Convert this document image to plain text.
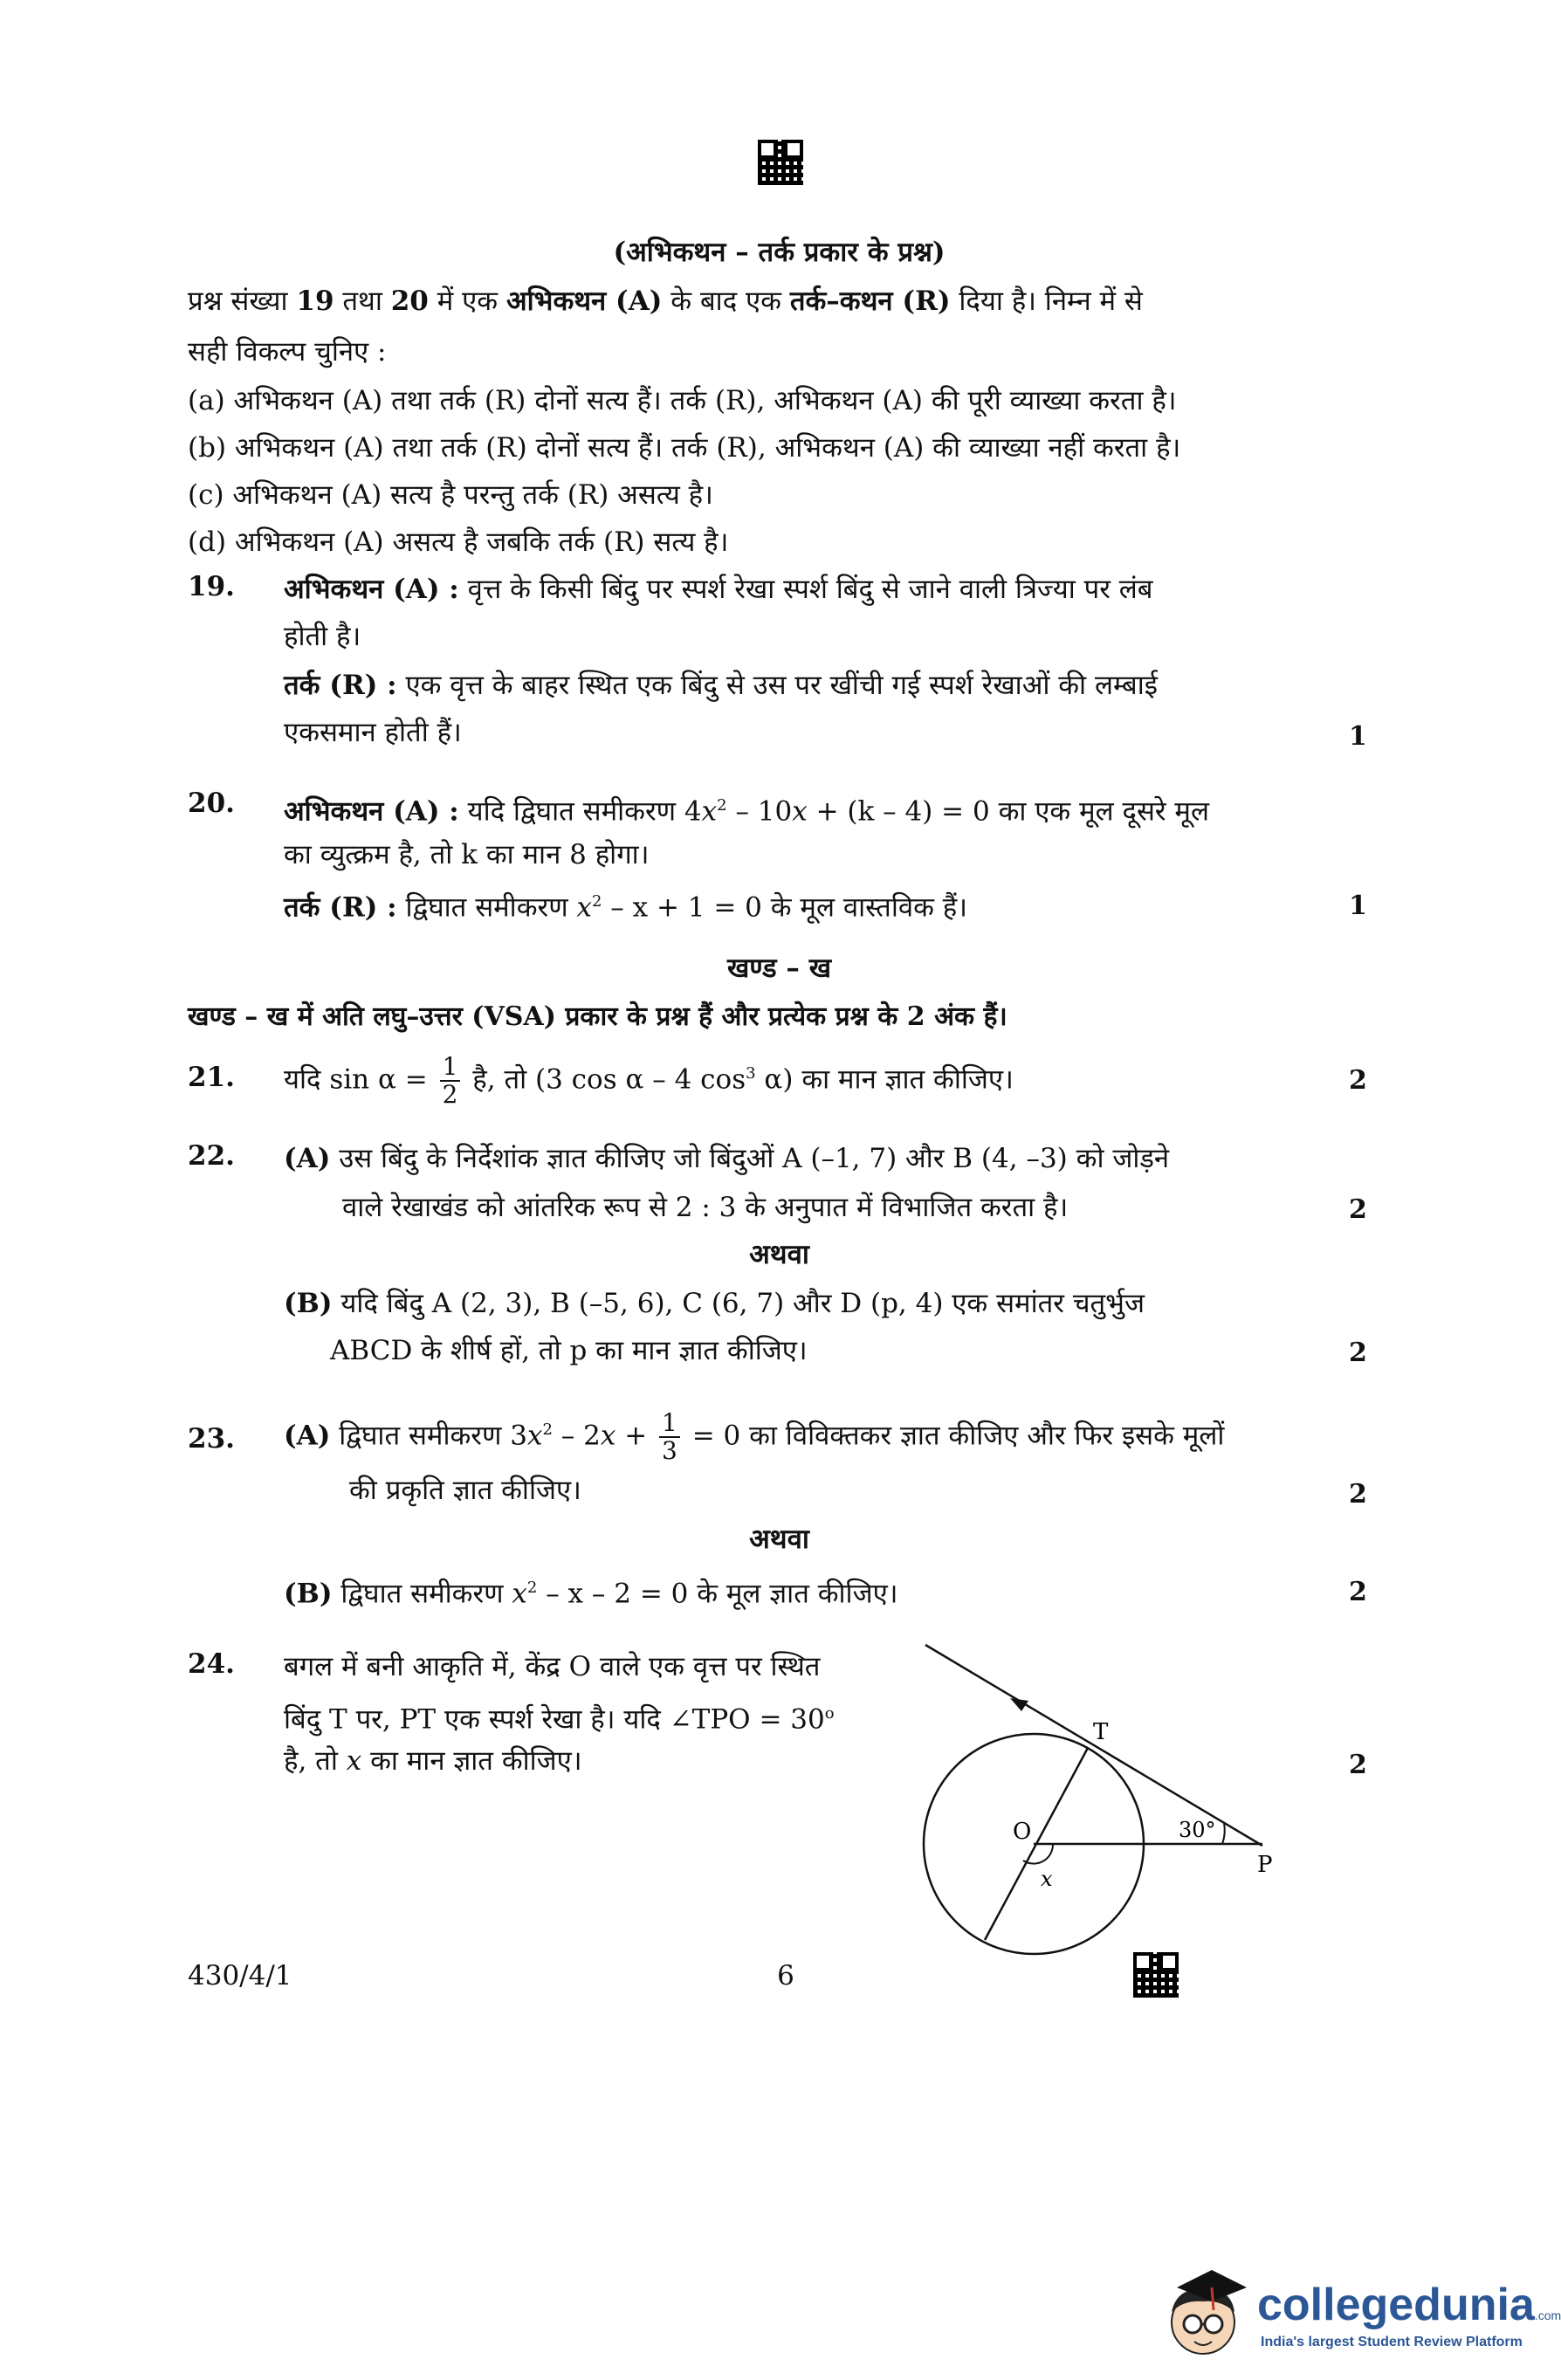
(अभिकथन – तर्क प्रकार के प्रश्न)
प्रश्न संख्या 19 तथा 20 में एक अभिकथन (A) के बाद एक तर्क–कथन (R) दिया है। निम्न में से
सही विकल्प चुनिए :
(a) अभिकथन (A) तथा तर्क (R) दोनों सत्य हैं। तर्क (R), अभिकथन (A) की पूरी व्याख्या करता है।
(b) अभिकथन (A) तथा तर्क (R) दोनों सत्य हैं। तर्क (R), अभिकथन (A) की व्याख्या नहीं करता है।
(c) अभिकथन (A) सत्य है परन्तु तर्क (R) असत्य है।
(d) अभिकथन (A) असत्य है जबकि तर्क (R) सत्य है।
19. अभिकथन (A) : वृत्त के किसी बिंदु पर स्पर्श रेखा स्पर्श बिंदु से जाने वाली त्रिज्या पर लंब
होती है।
तर्क (R) : एक वृत्त के बाहर स्थित एक बिंदु से उस पर खींची गई स्पर्श रेखाओं की लम्बाई
एकसमान होती हैं।	1
20. अभिकथन (A) : यदि द्विघात समीकरण $4x^2 - 10x + (k - 4) = 0$ का एक मूल दूसरे मूल
का व्युत्क्रम है, तो k का मान 8 होगा।
तर्क (R) : द्विघात समीकरण $x^2 - x + 1 = 0$ के मूल वास्तविक हैं।	1
खण्ड – ख
खण्ड – ख में अति लघु–उत्तर (VSA) प्रकार के प्रश्न हैं और प्रत्येक प्रश्न के 2 अंक हैं।
21. यदि $\sin \alpha = \frac{1}{2}$ है, तो (3 cos α – 4 $\cos^3 \alpha$) का मान ज्ञात कीजिए।	2
22. (A) उस बिंदु के निर्देशांक ज्ञात कीजिए जो बिंदुओं A (–1, 7) और B (4, –3) को जोड़ने
वाले रेखाखंड को आंतरिक रूप से 2 : 3 के अनुपात में विभाजित करता है।	2
अथवा
(B) यदि बिंदु A (2, 3), B (–5, 6), C (6, 7) और D (p, 4) एक समांतर चतुर्भुज
ABCD के शीर्ष हों, तो p का मान ज्ञात कीजिए।	2
23. (A) द्विघात समीकरण $3x^2 - 2x + \frac{1}{3} = 0$ का विविक्तकर ज्ञात कीजिए और फिर इसके मूलों
की प्रकृति ज्ञात कीजिए।	2
अथवा
(B) द्विघात समीकरण $x^2 - x - 2 = 0$ के मूल ज्ञात कीजिए।	2
24. बगल में बनी आकृति में, केंद्र O वाले एक वृत्त पर स्थित
बिंदु T पर, PT एक स्पर्श रेखा है। यदि ∠TPO = $30^o$
है, तो x का मान ज्ञात कीजिए।	2
T
O
P
x
30°
430/4/1	6
collegedunia.com
India's largest Student Review Platform
